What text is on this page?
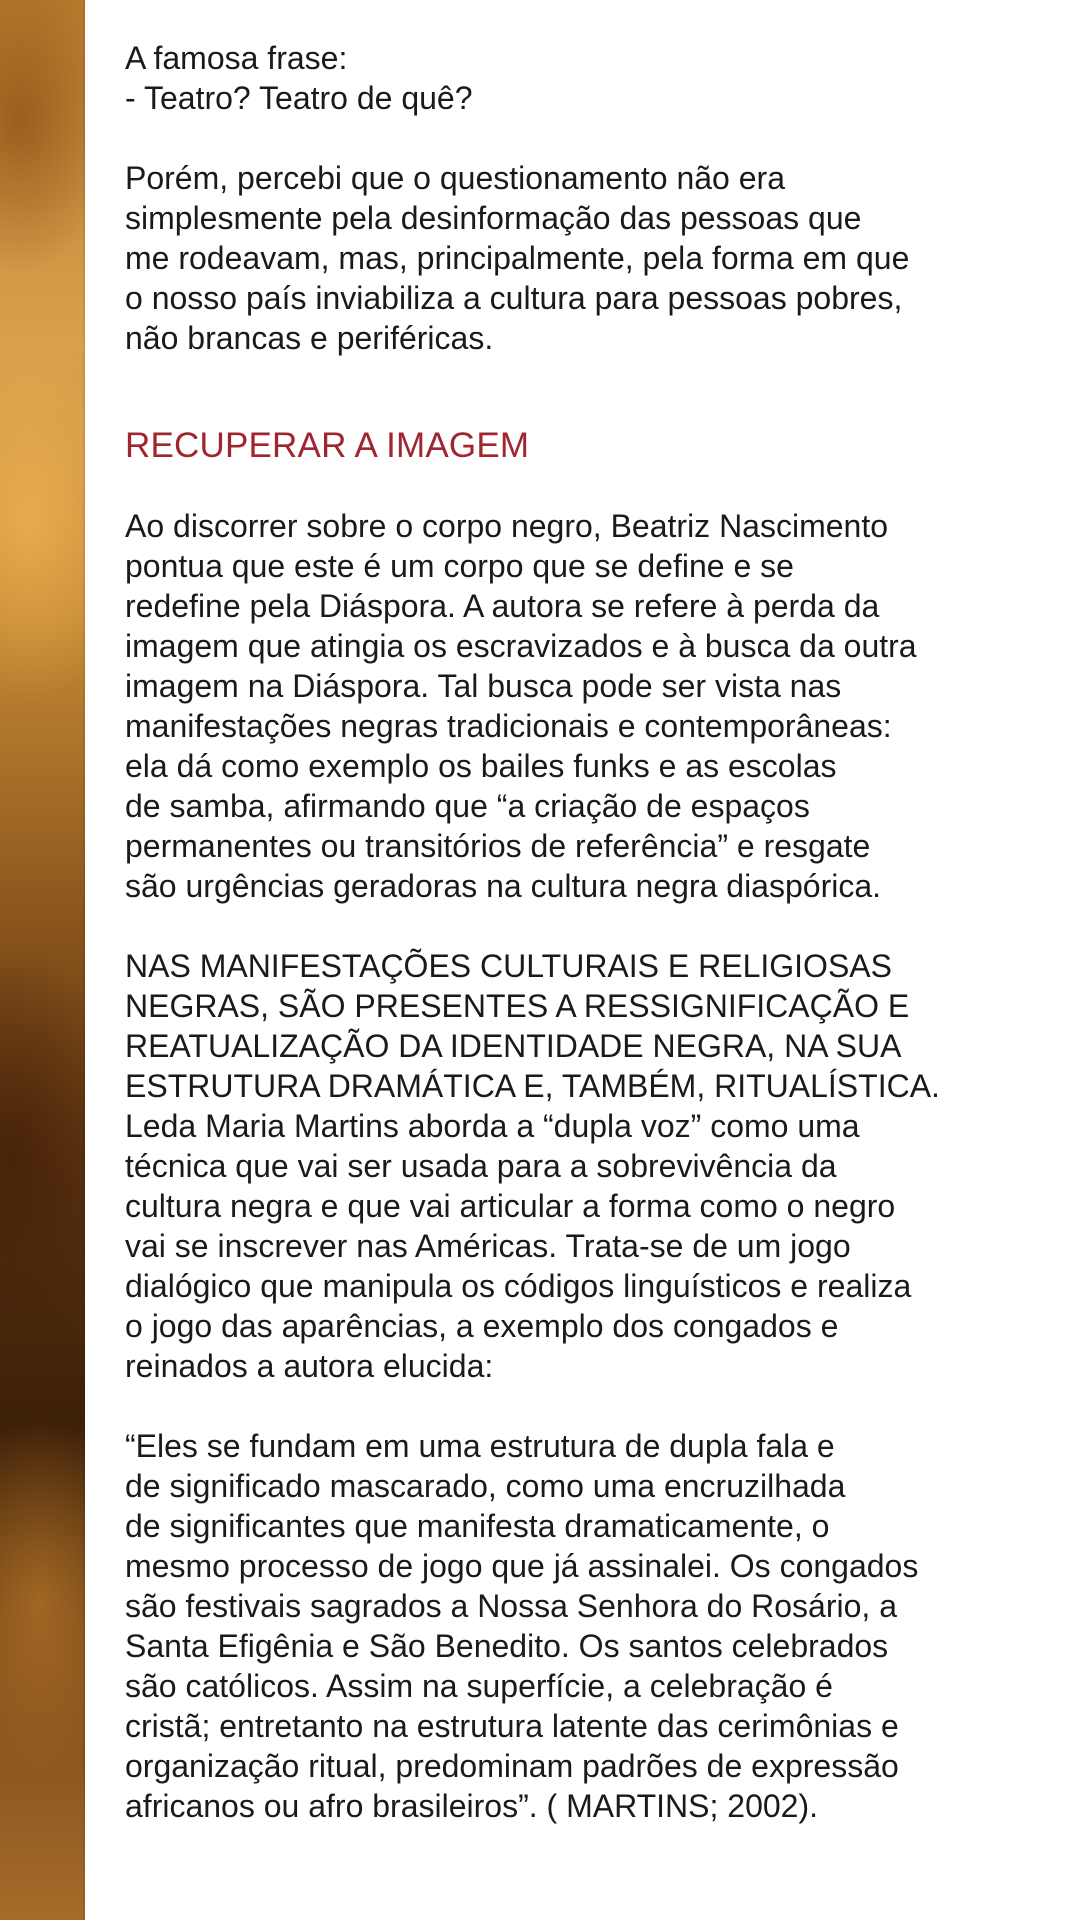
A famosa frase:

- Teatro? Teatro de quê?

Porém, percebi que o questionamento não era
simplesmente pela desinformação das pessoas que
me rodeavam, mas, principalmente, pela forma em que
o nosso país inviabiliza a cultura para pessoas pobres,
não brancas e periféricas.

RECUPERAR A IMAGEM

Ao discorrer sobre o corpo negro, Beatriz Nascimento
pontua que este é um corpo que se define e se
redefine pela Diáspora. A autora se refere à perda da
imagem que atingia os escravizados e à busca da outra
imagem na Diáspora. Tal busca pode ser vista nas
manifestações negras tradicionais e contemporâneas:
ela dá como exemplo os bailes funks e as escolas
de samba, afirmando que “a criação de espaços
permanentes ou transitórios de referência” e resgate
são urgências geradoras na cultura negra diaspórica.

NAS MANIFESTAÇÕES CULTURAIS E RELIGIOSAS
NEGRAS, SÃO PRESENTES A RESSIGNIFICAÇÃO E
REATUALIZAÇÃO DA IDENTIDADE NEGRA, NA SUA
ESTRUTURA DRAMÁTICA E, TAMBÉM, RITUALÍSTICA.
Leda Maria Martins aborda a “dupla voz” como uma
técnica que vai ser usada para a sobrevivência da
cultura negra e que vai articular a forma como o negro
vai se inscrever nas Américas. Trata-se de um jogo
dialógico que manipula os códigos linguísticos e realiza
o jogo das aparências, a exemplo dos congados e
reinados a autora elucida:

“Eles se fundam em uma estrutura de dupla fala e
de significado mascarado, como uma encruzilhada
de significantes que manifesta dramaticamente, o
mesmo processo de jogo que já assinalei. Os congados
são festivais sagrados a Nossa Senhora do Rosário, a
Santa Efigênia e São Benedito. Os santos celebrados
são católicos. Assim na superfície, a celebração é
cristã; entretanto na estrutura latente das cerimônias e
organização ritual, predominam padrões de expressão
africanos ou afro brasileiros”. ( MARTINS; 2002).
